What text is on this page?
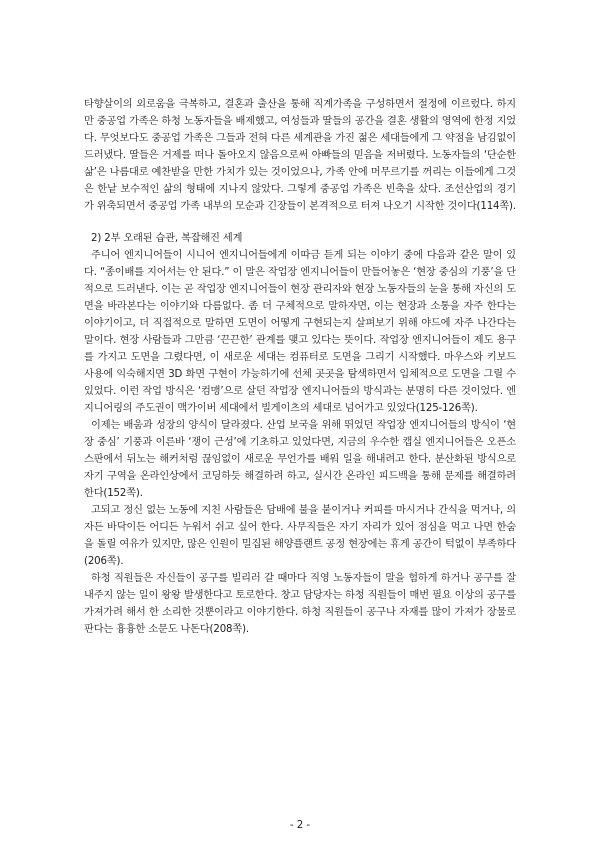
타향살이의 외로움을 극복하고, 결혼과 출산을 통해 직계가족을 구성하면서 절정에 이르렀다. 하지만 중공업 가족은 하청 노동자들을 배제했고, 여성들과 딸들의 공간을 결혼 생활의 영역에 한정 지었다. 무엇보다도 중공업 가족은 그들과 전혀 다른 세계관을 가진 젊은 세대들에게 그 약점을 남김없이 드러냈다. 딸들은 거제를 떠나 돌아오지 않음으로써 아빠들의 믿음을 저버렸다. 노동자들의 ‘단순한 삶’은 나름대로 예찬받을 만한 가치가 있는 것이었으나, 가족 안에 머무르기를 꺼리는 이들에게 그것은 한낱 보수적인 삶의 형태에 지나지 않았다. 그렇게 중공업 가족은 빈축을 샀다. 조선산업의 경기가 위축되면서 중공업 가족 내부의 모순과 긴장들이 본격적으로 터져 나오기 시작한 것이다(114쪽).

2) 2부 오래된 습관, 복잡해진 세계

주니어 엔지니어들이 시니어 엔지니어들에게 이따금 듣게 되는 이야기 중에 다음과 같은 말이 있다. “종이배를 지어서는 안 된다.” 이 말은 작업장 엔지니어들이 만들어놓은 ‘현장 중심의 기풍’을 단적으로 드러낸다. 이는 곧 작업장 엔지니어들이 현장 관리자와 현장 노동자들의 눈을 통해 자신의 도면을 바라본다는 이야기와 다름없다. 좀 더 구체적으로 말하자면, 이는 현장과 소통을 자주 한다는 이야기이고, 더 직접적으로 말하면 도면이 어떻게 구현되는지 살펴보기 위해 야드에 자주 나간다는 말이다. 현장 사람들과 그만큼 ‘끈끈한’ 관계를 맺고 있다는 뜻이다. 작업장 엔지니어들이 제도 용구를 가지고 도면을 그렸다면, 이 새로운 세대는 컴퓨터로 도면을 그리기 시작했다. 마우스와 키보드 사용에 익숙해지면 3D 화면 구현이 가능하기에 선체 곳곳을 탐색하면서 입체적으로 도면을 그릴 수 있었다. 이런 작업 방식은 ‘컴맹’으로 살던 작업장 엔지니어들의 방식과는 분명히 다른 것이었다. 엔지니어링의 주도권이 맥가이버 세대에서 빌게이츠의 세대로 넘어가고 있었다(125-126쪽).

이제는 배움과 성장의 양식이 달라졌다. 산업 보국을 위해 뛰었던 작업장 엔지니어들의 방식이 ‘현장 중심’ 기풍과 이른바 ‘쟁이 근성’에 기초하고 있었다면, 지금의 우수한 캡실 엔지니어들은 오픈소스판에서 뒤노는 해커처럼 끊임없이 새로운 무언가를 배워 일을 해내려고 한다. 분산화된 방식으로 자기 구역을 온라인상에서 코딩하듯 해결하려 하고, 실시간 온라인 피드백을 통해 문제를 해결하려 한다(152쪽).

고되고 정신 없는 노동에 지친 사람들은 담배에 불을 붙이거나 커피를 마시거나 간식을 먹거나, 의자든 바닥이든 어디든 누워서 쉬고 싶어 한다. 사무직들은 자기 자리가 있어 점심을 먹고 나면 한숨을 돌릴 여유가 있지만, 많은 인원이 밀집된 해양플랜트 공정 현장에는 휴게 공간이 턱없이 부족하다(206쪽).

하청 직원들은 자신들이 공구를 빌리러 갈 때마다 직영 노동자들이 말을 험하게 하거나 공구를 잘 내주지 않는 일이 왕왕 발생한다고 토로한다. 창고 담당자는 하청 직원들이 매번 필요 이상의 공구를 가져가려 해서 한 소리한 것뿐이라고 이야기한다. 하청 직원들이 공구나 자재를 많이 가져가 장물로 판다는 흉흉한 소문도 나돈다(208쪽).

- 2 -
